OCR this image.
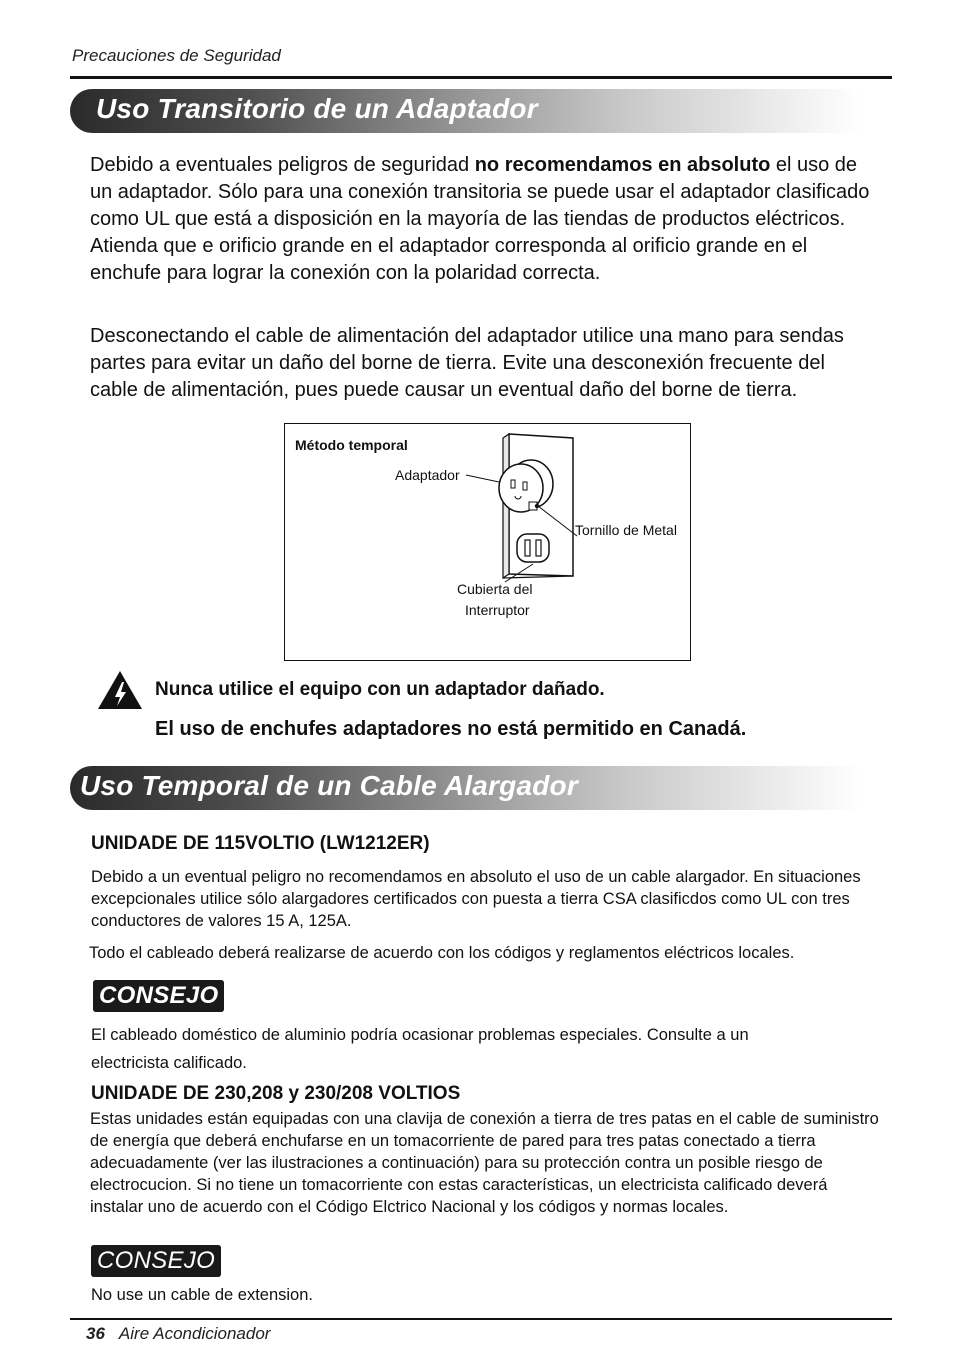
Precauciones de Seguridad
Uso Transitorio de un Adaptador
Debido a eventuales peligros de seguridad no recomendamos en absoluto el uso de un adaptador. Sólo para una conexión transitoria se puede usar el adaptador clasificado como UL que está a disposición en la mayoría de las tiendas de productos eléctricos. Atienda que e orificio grande en el adaptador corresponda al orificio grande en el enchufe para lograr la conexión con la polaridad correcta.
Desconectando el cable de alimentación del adaptador utilice una mano para sendas partes para evitar un daño del borne de tierra. Evite una desconexión frecuente del cable de alimentación, pues puede causar un eventual daño del borne de tierra.
Método temporal
Adaptador
Tornillo de Metal
Cubierta del
Interruptor
Nunca utilice el equipo con un adaptador dañado.
El uso de enchufes adaptadores no está permitido en Canadá.
Uso Temporal de un Cable Alargador
UNIDADE DE 115VOLTIO (LW1212ER)
Debido a un eventual peligro no recomendamos en absoluto el uso de un cable alargador. En situaciones excepcionales utilice sólo alargadores certificados con puesta a tierra CSA clasificdos como UL con tres conductores de valores 15 A, 125A.
Todo el cableado deberá realizarse de acuerdo con los códigos y reglamentos eléctricos locales.
CONSEJO
El cableado doméstico de aluminio podría ocasionar problemas especiales. Consulte a un electricista calificado.
UNIDADE DE 230,208 y 230/208 VOLTIOS
Estas unidades están equipadas con una clavija de conexión a tierra de tres patas en el cable de suministro de energía que deberá enchufarse en un tomacorriente de pared para tres patas conectado a tierra adecuadamente (ver las ilustraciones a continuación) para su protección contra un posible riesgo de electrocucion. Si no tiene un tomacorriente con estas características, un electricista calificado deverá instalar uno de acuerdo con el Código Elctrico Nacional y los códigos y normas locales.
CONSEJO
No use un cable de extension.
36 Aire Acondicionador
